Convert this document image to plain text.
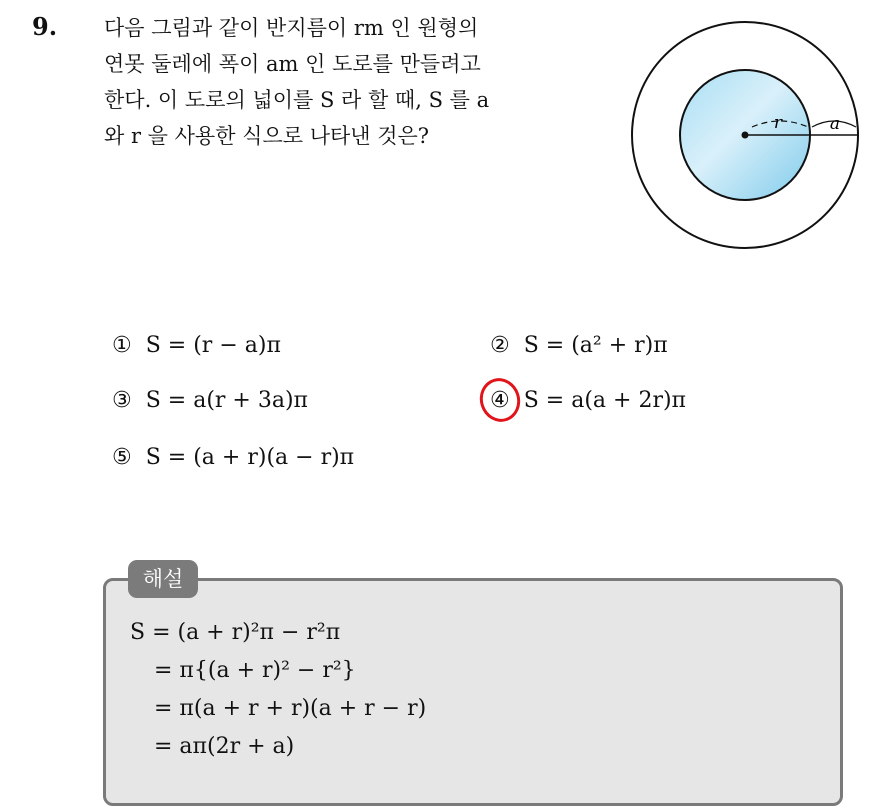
9. 다음 그림과 같이 반지름이 rm 인 원형의
연못 둘레에 폭이 am 인 도로를 만들려고
한다. 이 도로의 넓이를 S 라 할 때, S 를 a
와 r 을 사용한 식으로 나타낸 것은?
r	a
① S = (r − a)π	② S = (a² + r)π
③ S = a(r + 3a)π	④ S = a(a + 2r)π
⑤ S = (a + r)(a − r)π
해설
S = (a + r)²π − r²π
= π{(a + r)² − r²}
= π(a + r + r)(a + r − r)
= aπ(2r + a)
